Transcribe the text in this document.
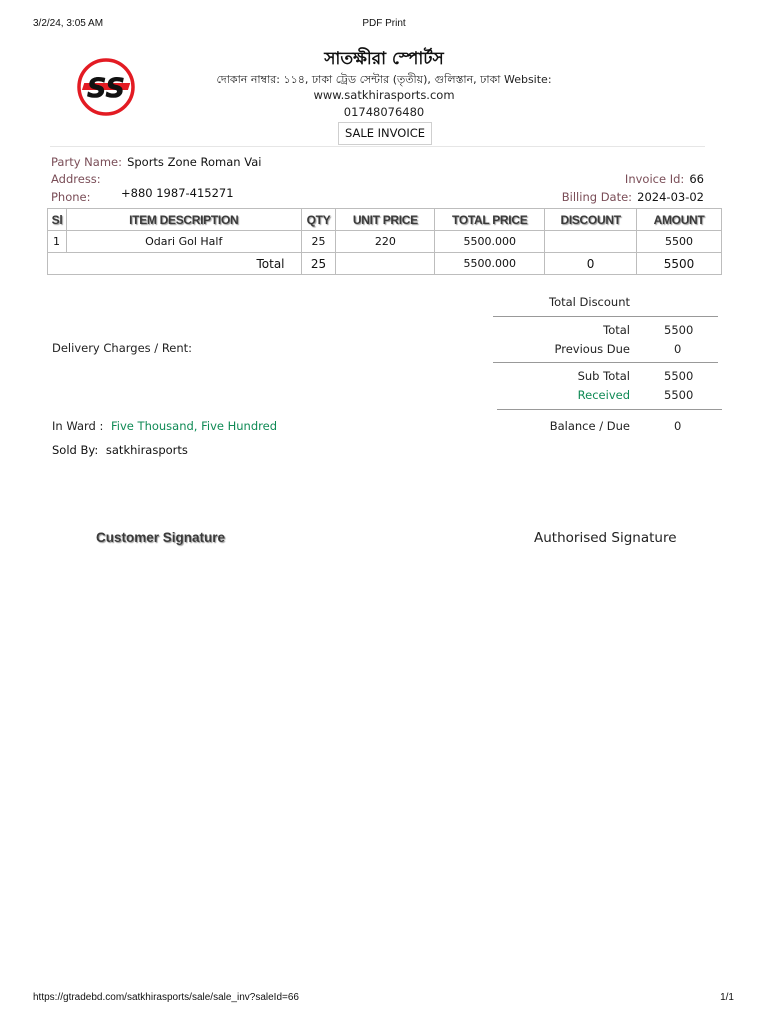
3/2/24, 3:05 AM	PDF Print
SS
সাতক্ষীরা স্পোর্টস
দোকান নাম্বার: ১১৪, ঢাকা ট্রেড সেন্টার (তৃতীয়), গুলিস্তান, ঢাকা Website:
www.satkhirasports.com
01748076480
SALE INVOICE
Party Name: Sports Zone Roman Vai
Address:
Phone:	+880 1987-415271
Invoice Id: 66
Billing Date: 2024-03-02
Sl	ITEM DESCRIPTION	QTY	UNIT PRICE	TOTAL PRICE	DISCOUNT	AMOUNT
1	Odari Gol Half	25	220	5500.000		5500
Total		25		5500.000	0	5500
Total Discount
Total	5500
Delivery Charges / Rent:	Previous Due	0
Sub Total	5500
Received	5500
In Ward : Five Thousand, Five Hundred	Balance / Due	0
Sold By: satkhirasports
Customer Signature	Authorised Signature
https://gtradebd.com/satkhirasports/sale/sale_inv?saleId=66	1/1
